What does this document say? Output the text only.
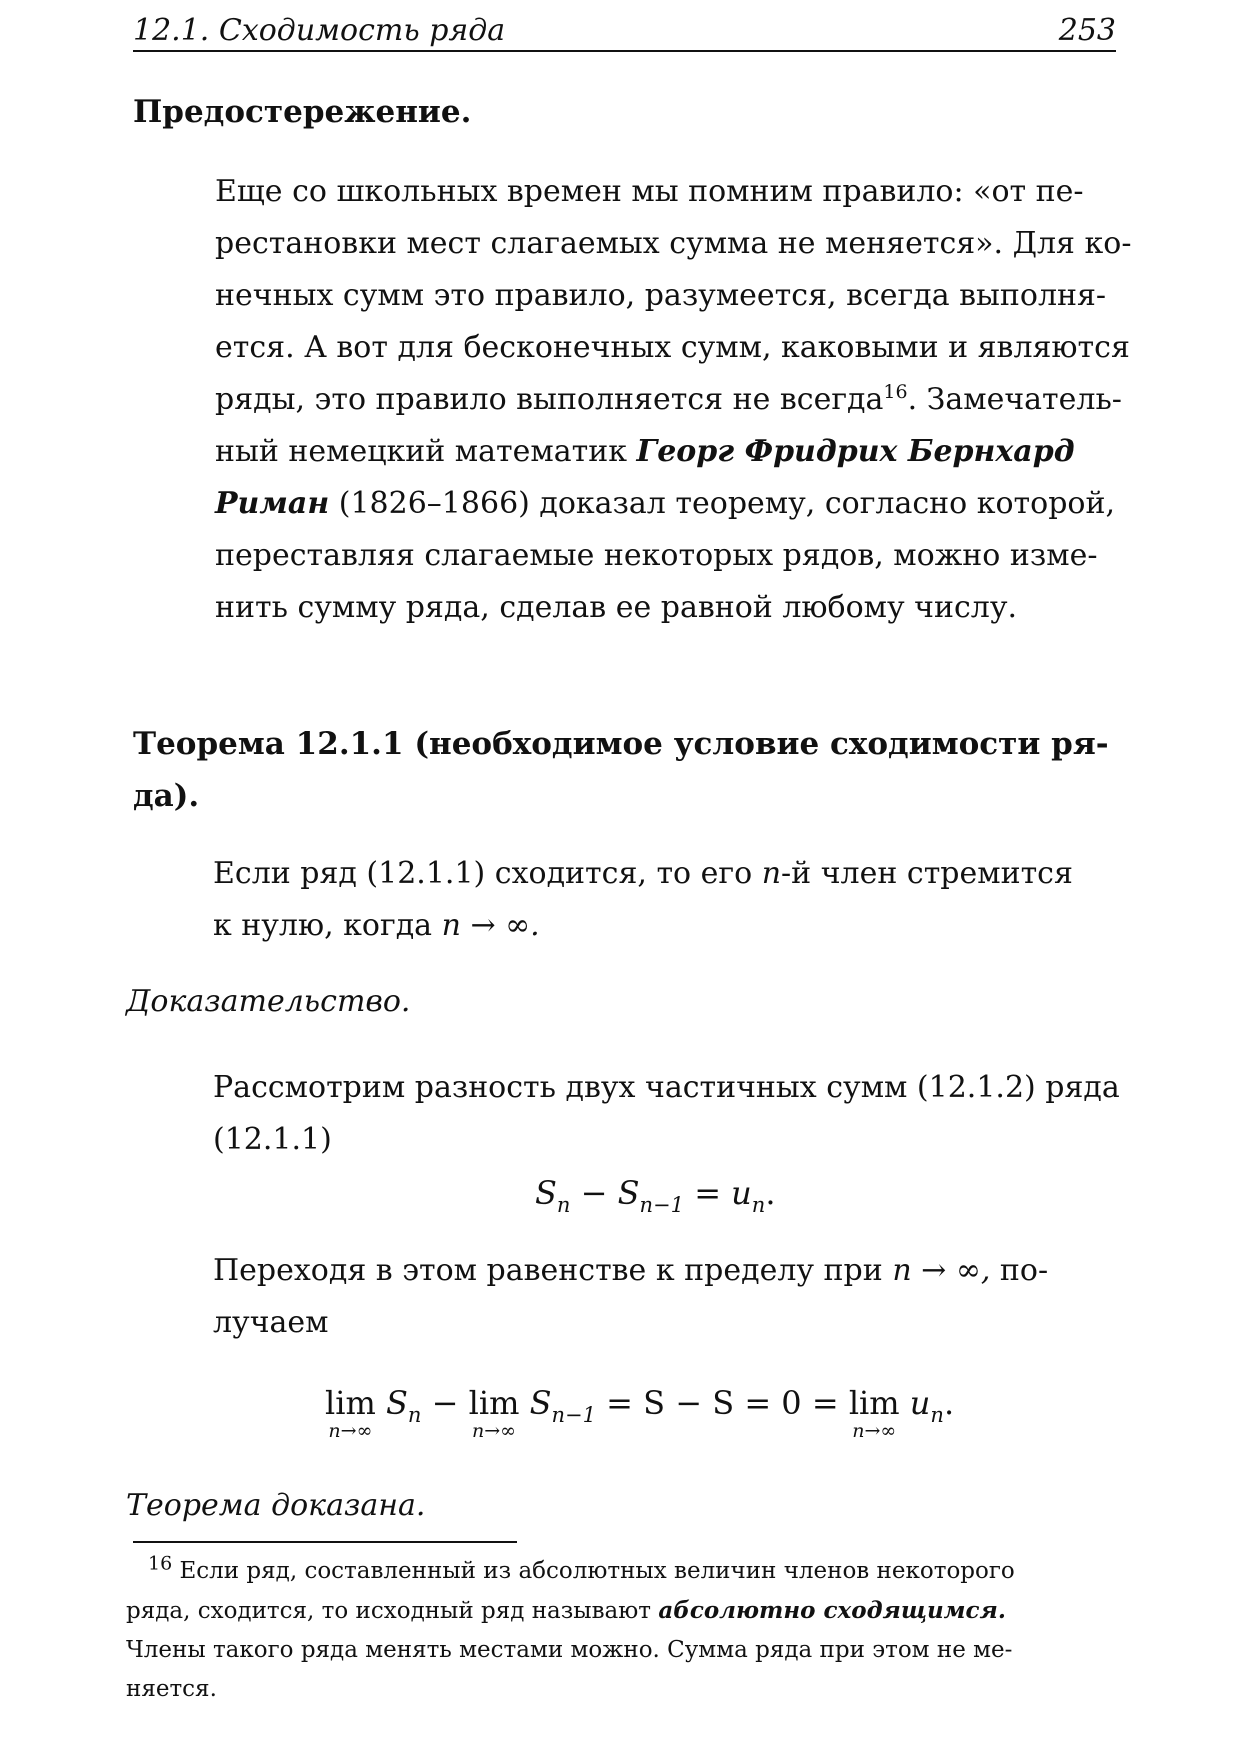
12.1. Сходимость ряда	253
Предостережение.
Еще со школьных времен мы помним правило: «от пе-
рестановки мест слагаемых сумма не меняется». Для ко-
нечных сумм это правило, разумеется, всегда выполня-
ется. А вот для бесконечных сумм, каковыми и являются
ряды, это правило выполняется не всегда$^{16}$. Замечатель-
ный немецкий математик Георг Фридрих Бернхард
Риман (1826–1866) доказал теорему, согласно которой,
переставляя слагаемые некоторых рядов, можно изме-
нить сумму ряда, сделав ее равной любому числу.
Теорема 12.1.1 (необходимое условие сходимости ря-
да).
Если ряд (12.1.1) сходится, то его n-й член стремится
к нулю, когда n → ∞.
Доказательство.
Рассмотрим разность двух частичных сумм (12.1.2) ряда
(12.1.1)
$S_n - S_{n-1} = u_n$.
Переходя в этом равенстве к пределу при n → ∞, по-
лучаем
lim
n→∞
$S_n - \lim$
n→∞
$S_{n-1} = S - S = 0 = \lim$
n→∞
$u_n$.
Теорема доказана.
$^{16}$ Если ряд, составленный из абсолютных величин членов некоторого
ряда, сходится, то исходный ряд называют абсолютно сходящимся.
Члены такого ряда менять местами можно. Сумма ряда при этом не ме-
няется.
